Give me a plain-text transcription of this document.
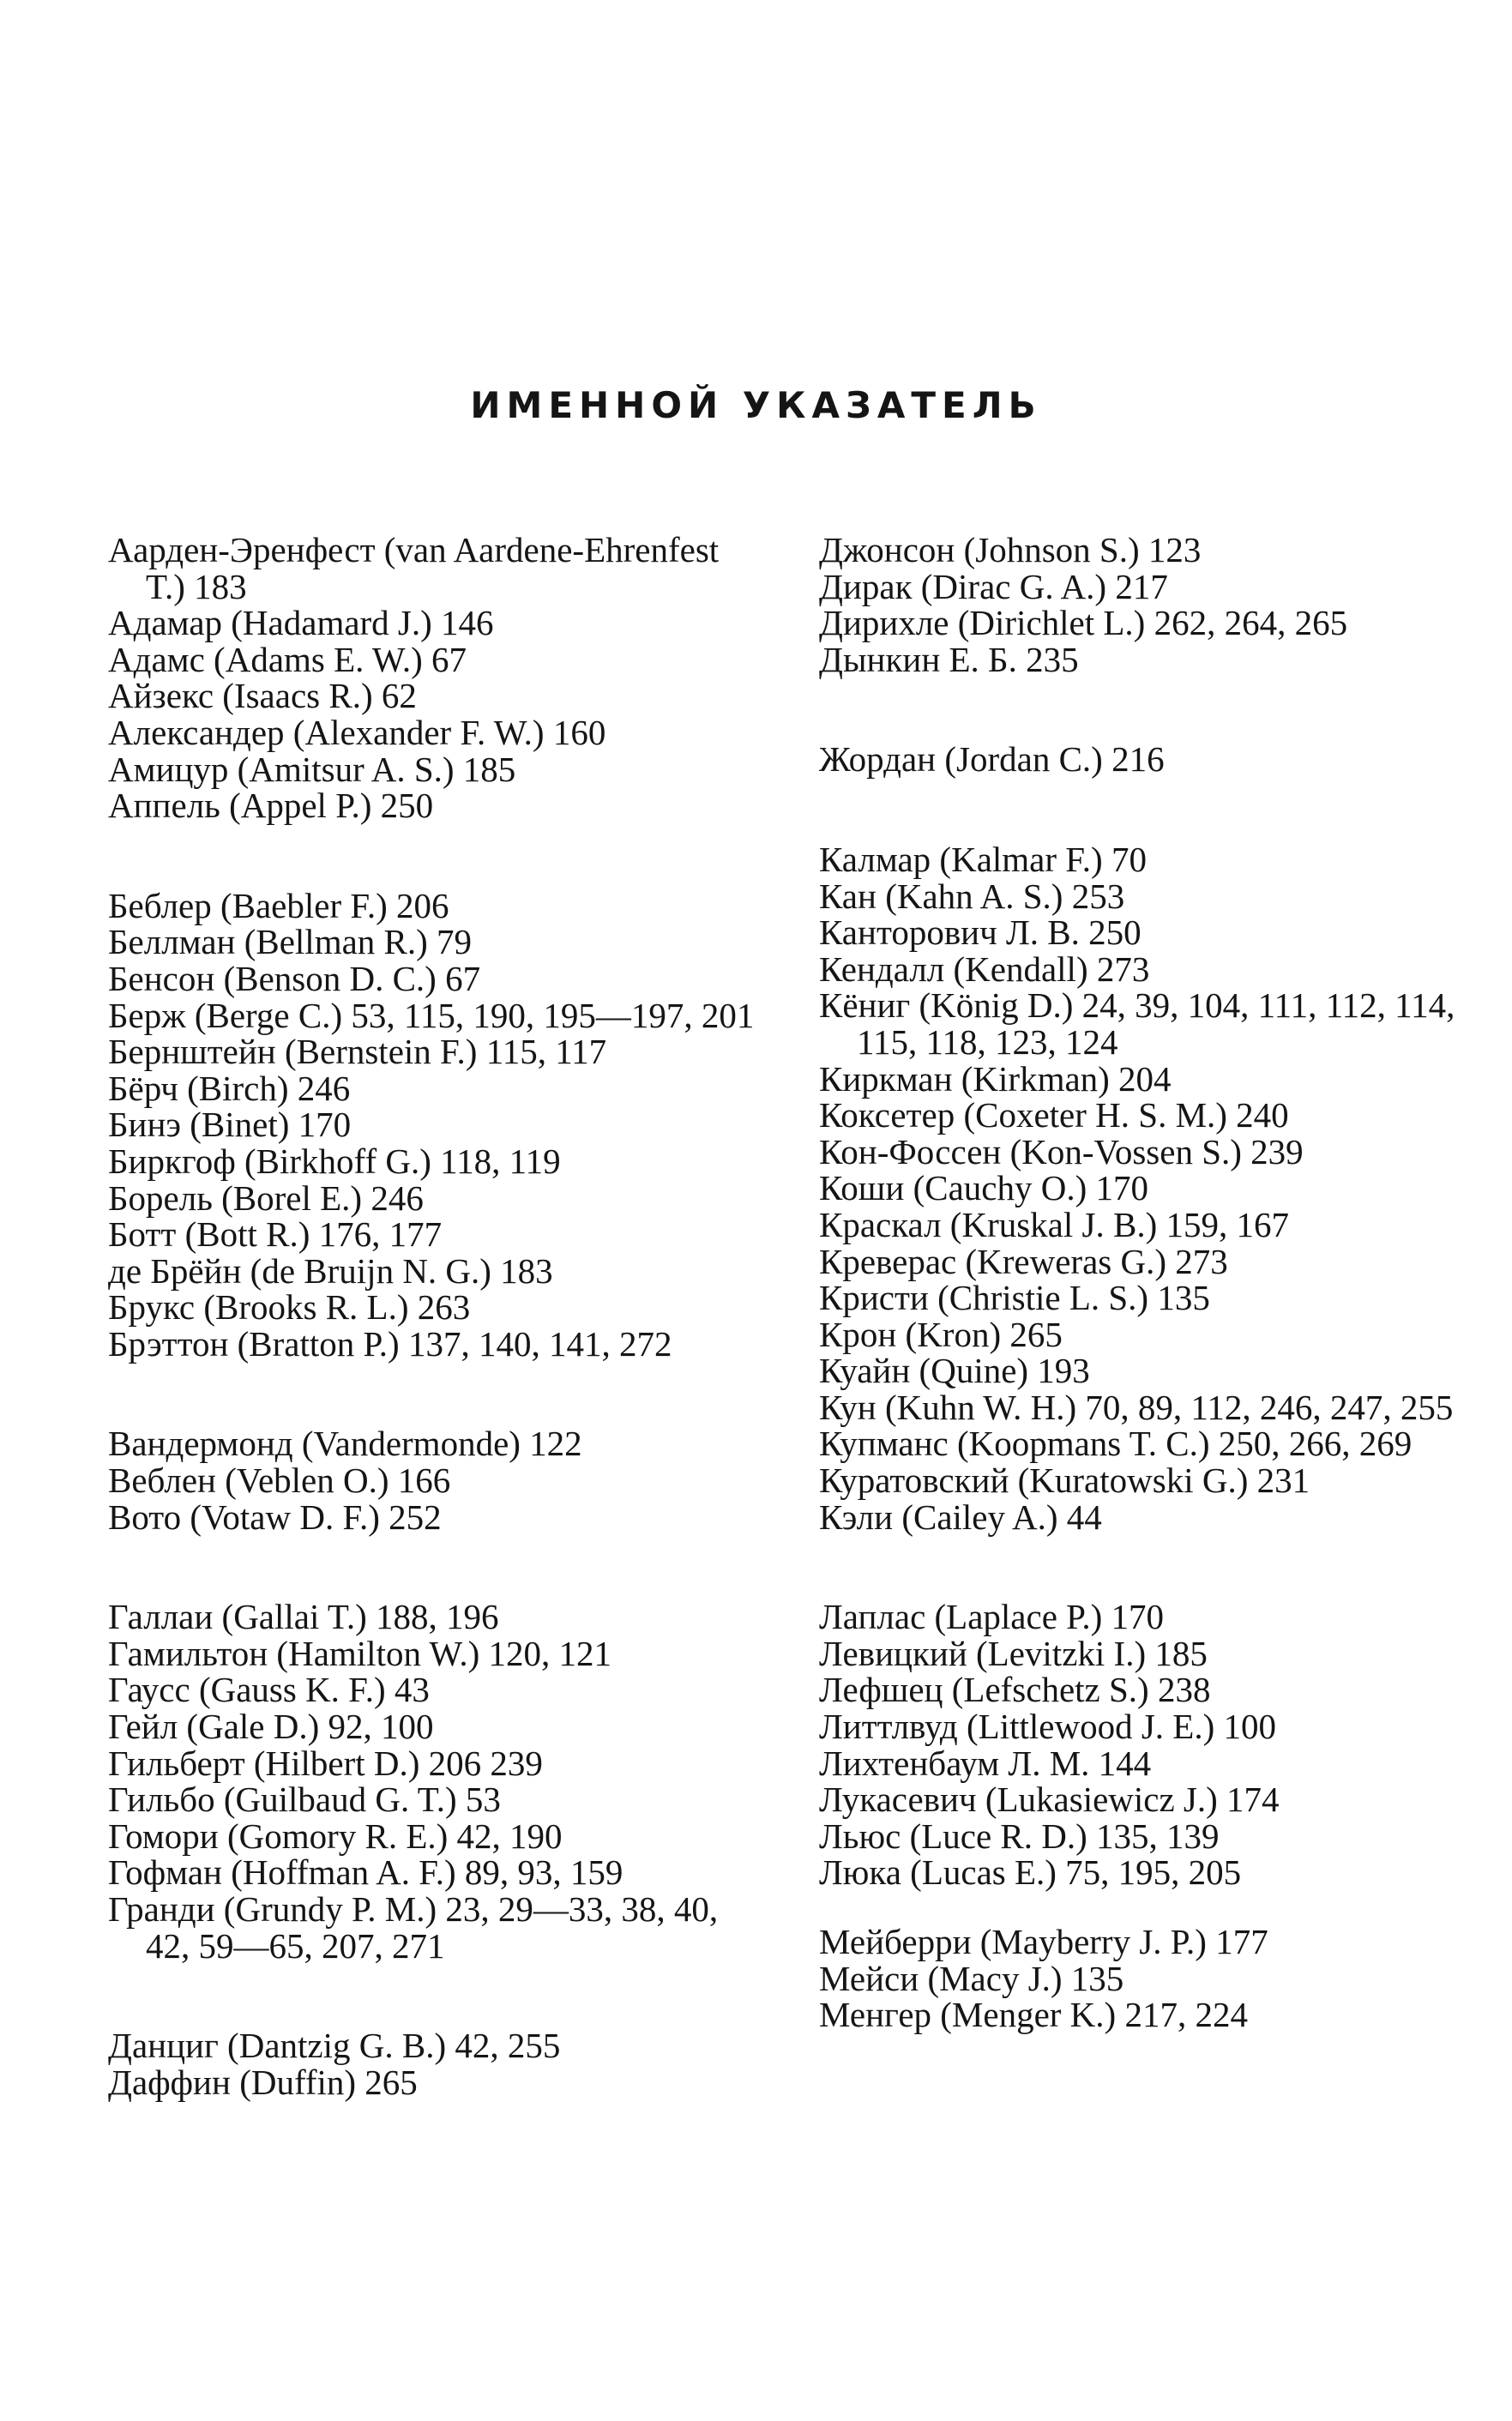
ИМЕННОЙ УКАЗАТЕЛЬ

Аарден-Эренфест (van Aardene-Ehrenfest T.) 183

Адамар (Hadamard J.) 146

Адамс (Adams E. W.) 67

Айзекс (Isaacs R.) 62

Александер (Alexander F. W.) 160

Амицур (Amitsur A. S.) 185

Аппель (Appel P.) 250

Беблер (Baebler F.) 206

Беллман (Bellman R.) 79

Бенсон (Benson D. C.) 67

Берж (Berge C.) 53, 115, 190, 195—197, 201

Бернштейн (Bernstein F.) 115, 117

Бёрч (Birch) 246

Бинэ (Binet) 170

Биркгоф (Birkhoff G.) 118, 119

Борель (Borel E.) 246

Ботт (Bott R.) 176, 177

де Брёйн (de Bruijn N. G.) 183

Брукс (Brooks R. L.) 263

Брэттон (Bratton P.) 137, 140, 141, 272

Вандермонд (Vandermonde) 122

Веблен (Veblen O.) 166

Вото (Votaw D. F.) 252

Галлаи (Gallai T.) 188, 196

Гамильтон (Hamilton W.) 120, 121

Гаусс (Gauss K. F.) 43

Гейл (Gale D.) 92, 100

Гильберт (Hilbert D.) 206 239

Гильбо (Guilbaud G. T.) 53

Гомори (Gomory R. E.) 42, 190

Гофман (Hoffman A. F.) 89, 93, 159

Гранди (Grundy P. M.) 23, 29—33, 38, 40, 42, 59—65, 207, 271

Данциг (Dantzig G. B.) 42, 255

Даффин (Duffin) 265

Джонсон (Johnson S.) 123

Дирак (Dirac G. A.) 217

Дирихле (Dirichlet L.) 262, 264, 265

Дынкин Е. Б. 235

Жордан (Jordan C.) 216

Калмар (Kalmar F.) 70

Кан (Kahn A. S.) 253

Канторович Л. В. 250

Кендалл (Kendall) 273

Кёниг (König D.) 24, 39, 104, 111, 112, 114, 115, 118, 123, 124

Киркман (Kirkman) 204

Коксетер (Coxeter H. S. M.) 240

Кон-Фоссен (Kon-Vossen S.) 239

Коши (Cauchy O.) 170

Краскал (Kruskal J. B.) 159, 167

Креверас (Kreweras G.) 273

Кристи (Christie L. S.) 135

Крон (Kron) 265

Куайн (Quine) 193

Кун (Kuhn W. H.) 70, 89, 112, 246, 247, 255

Купманс (Koopmans T. C.) 250, 266, 269

Куратовский (Kuratowski G.) 231

Кэли (Cailey A.) 44

Лаплас (Laplace P.) 170

Левицкий (Levitzki I.) 185

Лефшец (Lefschetz S.) 238

Литтлвуд (Littlewood J. E.) 100

Лихтенбаум Л. М. 144

Лукасевич (Lukasiewicz J.) 174

Льюс (Luce R. D.) 135, 139

Люка (Lucas E.) 75, 195, 205

Мейберри (Mayberry J. P.) 177

Мейси (Macy J.) 135

Менгер (Menger K.) 217, 224
